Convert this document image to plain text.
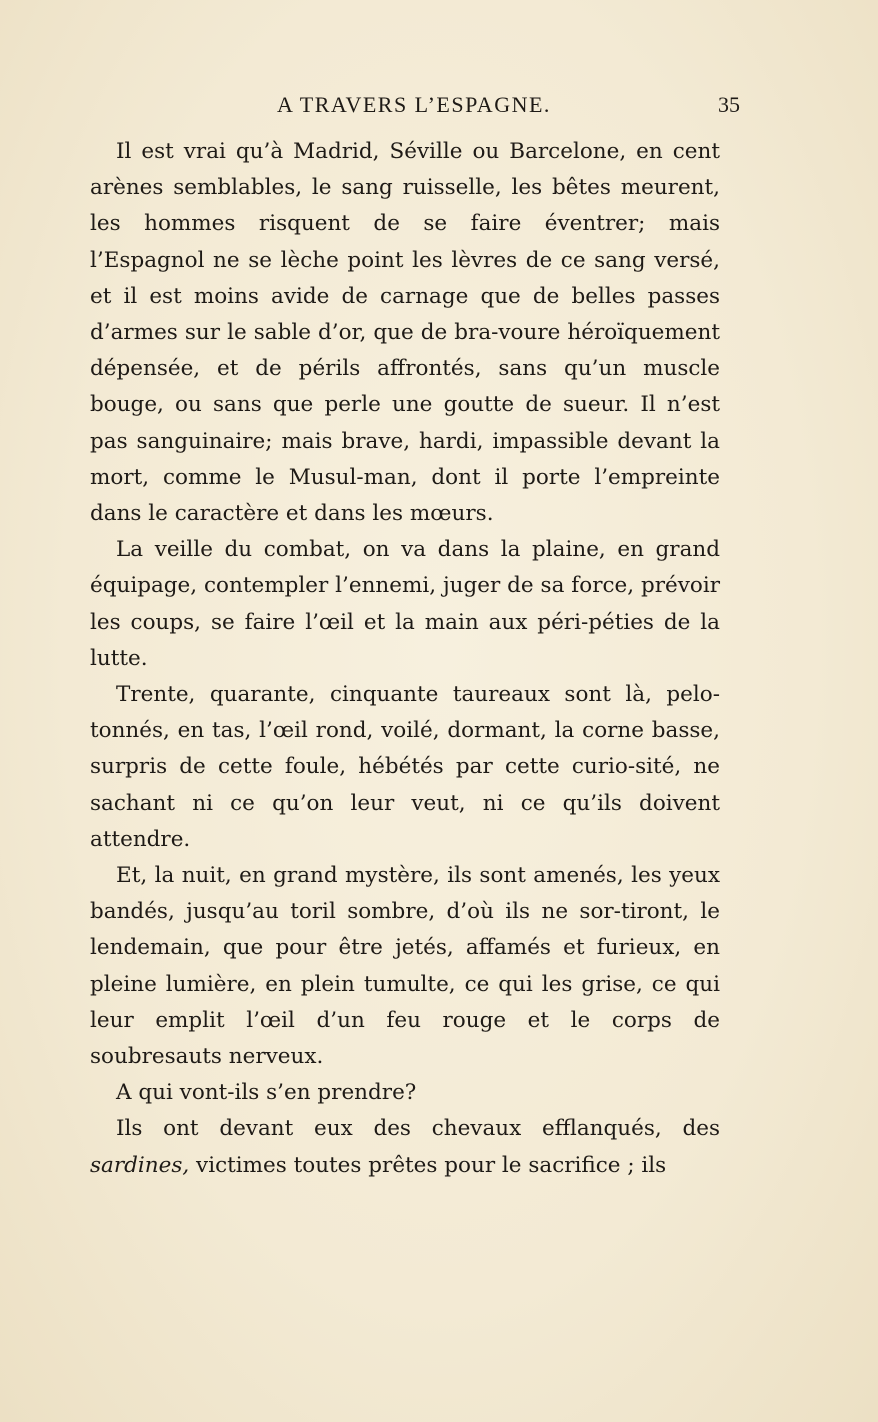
A TRAVERS L’ESPAGNE.	35

Il est vrai qu’à Madrid, Séville ou Barcelone, en cent arènes semblables, le sang ruisselle, les bêtes meurent, les hommes risquent de se faire éventrer; mais l’Espagnol ne se lèche point les lèvres de ce sang versé, et il est moins avide de carnage que de belles passes d’armes sur le sable d’or, que de bra-voure héroïquement dépensée, et de périls affrontés, sans qu’un muscle bouge, ou sans que perle une goutte de sueur. Il n’est pas sanguinaire; mais brave, hardi, impassible devant la mort, comme le Musul-man, dont il porte l’empreinte dans le caractère et dans les mœurs.

La veille du combat, on va dans la plaine, en grand équipage, contempler l’ennemi, juger de sa force, prévoir les coups, se faire l’œil et la main aux péri-péties de la lutte.

Trente, quarante, cinquante taureaux sont là, pelo-tonnés, en tas, l’œil rond, voilé, dormant, la corne basse, surpris de cette foule, hébétés par cette curio-sité, ne sachant ni ce qu’on leur veut, ni ce qu’ils doivent attendre.

Et, la nuit, en grand mystère, ils sont amenés, les yeux bandés, jusqu’au toril sombre, d’où ils ne sor-tiront, le lendemain, que pour être jetés, affamés et furieux, en pleine lumière, en plein tumulte, ce qui les grise, ce qui leur emplit l’œil d’un feu rouge et le corps de soubresauts nerveux.

A qui vont-ils s’en prendre?

Ils ont devant eux des chevaux efflanqués, des sardines, victimes toutes prêtes pour le sacrifice ; ils
